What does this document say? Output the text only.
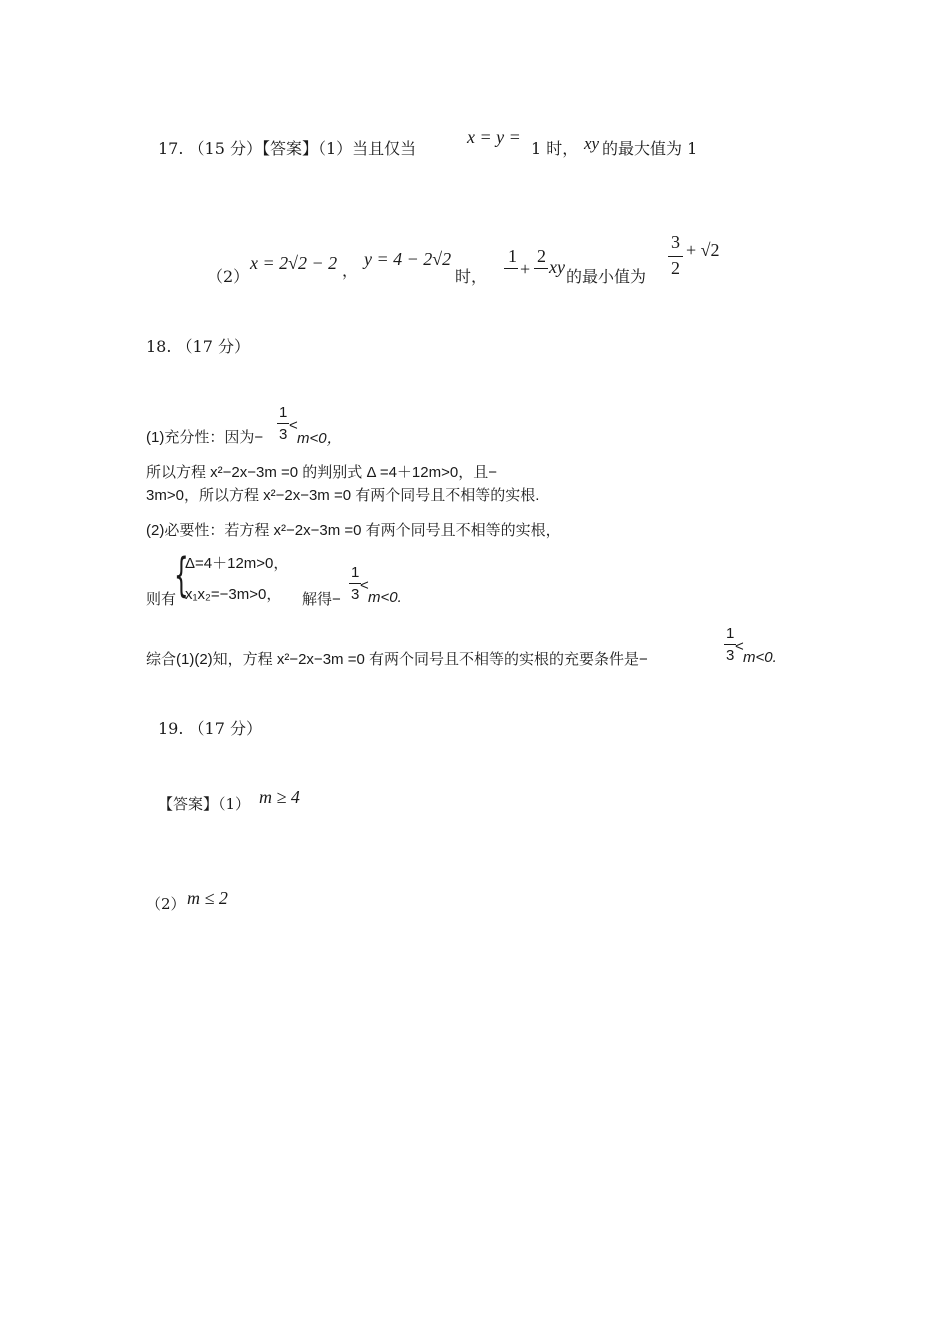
17. （15 分）【答案】（1）当且仅当
x = y =
1 时， xy 的最大值为 1
（2）
x = 2√2 − 2 ，
y = 4 − 2√2
时，
1
+
2
xy 的最小值为
3
2
+ √2
18. （17 分）
(1)充分性：因为−
1
3
<
m<0，
所以方程 x²−2x−3m =0 的判别式 Δ =4＋12m>0，且−
3m>0，所以方程 x²−2x−3m =0 有两个同号且不相等的实根.
(2)必要性：若方程 x²−2x−3m =0 有两个同号且不相等的实根，
则有
{
Δ=4＋12m>0，
x₁x₂=−3m>0， 解得−
1
3
<
m<0.
综合(1)(2)知，方程 x²−2x−3m =0 有两个同号且不相等的实根的充要条件是−
1
3
<
m<0.
19. （17 分）
【答案】（1） m ≥ 4
（2） m ≤ 2
